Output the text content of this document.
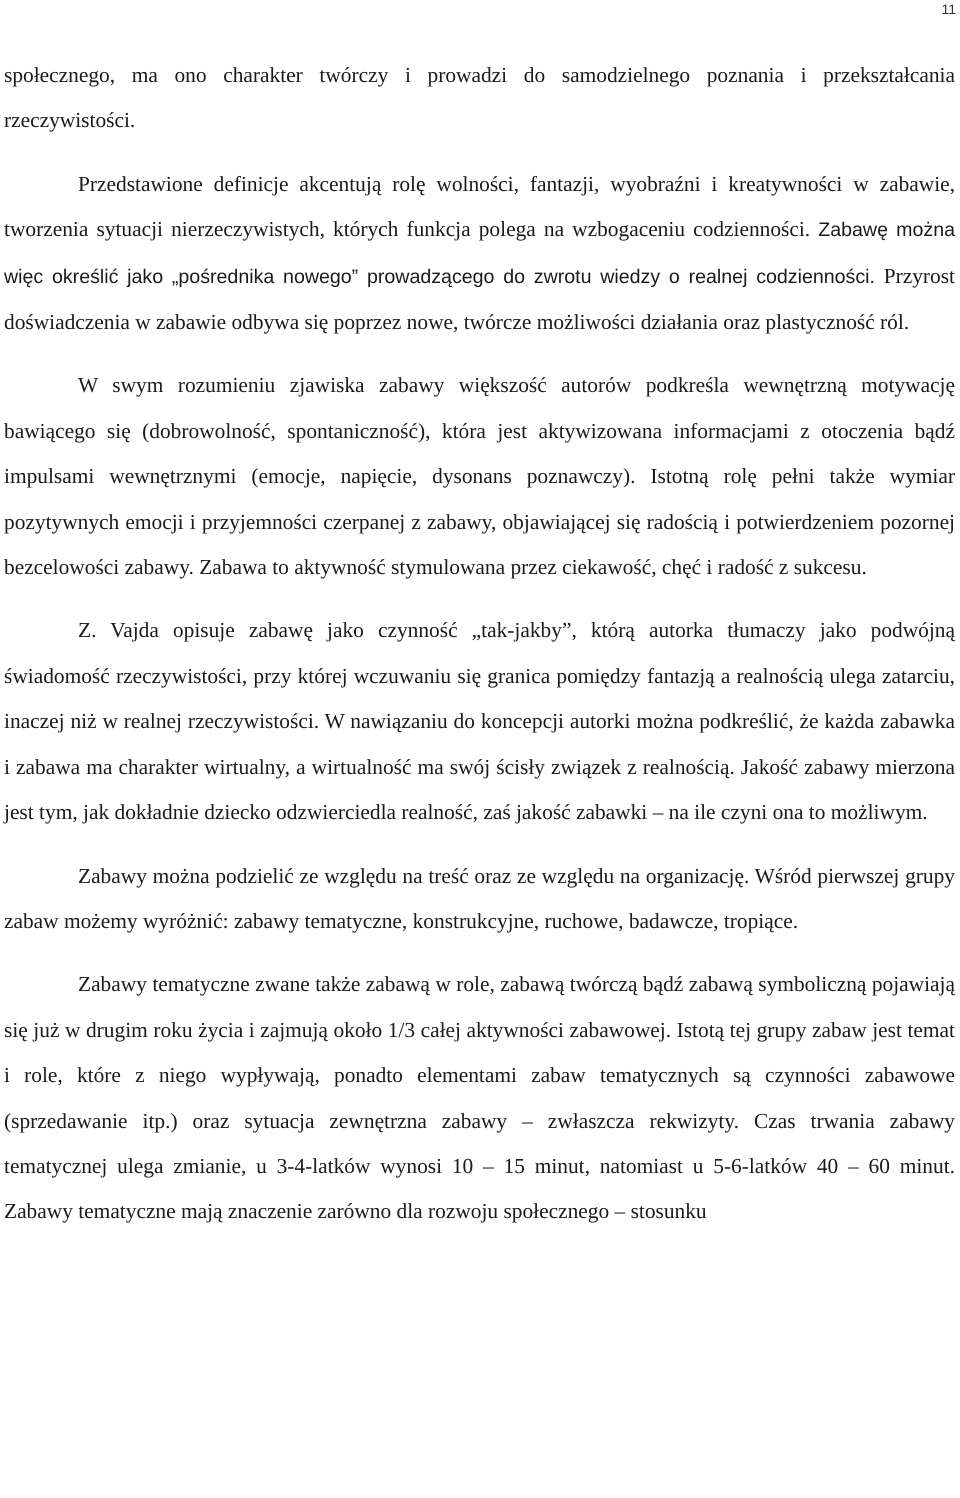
11

społecznego, ma ono charakter twórczy i prowadzi do samodzielnego poznania i przekształcania rzeczywistości.

Przedstawione definicje akcentują rolę wolności, fantazji, wyobraźni i kreatywności w zabawie, tworzenia sytuacji nierzeczywistych, których funkcja polega na wzbogaceniu codzienności. Zabawę można więc określić jako „pośrednika nowego” prowadzącego do zwrotu wiedzy o realnej codzienności. Przyrost doświadczenia w zabawie odbywa się poprzez nowe, twórcze możliwości działania oraz plastyczność ról.

W swym rozumieniu zjawiska zabawy większość autorów podkreśla wewnętrzną motywację bawiącego się (dobrowolność, spontaniczność), która jest aktywizowana informacjami z otoczenia bądź impulsami wewnętrznymi (emocje, napięcie, dysonans poznawczy). Istotną rolę pełni także wymiar pozytywnych emocji i przyjemności czerpanej z zabawy, objawiającej się radością i potwierdzeniem pozornej bezcelowości zabawy. Zabawa to aktywność stymulowana przez ciekawość, chęć i radość z sukcesu.

Z. Vajda opisuje zabawę jako czynność „tak-jakby”, którą autorka tłumaczy jako podwójną świadomość rzeczywistości, przy której wczuwaniu się granica pomiędzy fantazją a realnością ulega zatarciu, inaczej niż w realnej rzeczywistości. W nawiązaniu do koncepcji autorki można podkreślić, że każda zabawka i zabawa ma charakter wirtualny, a wirtualność ma swój ścisły związek z realnością. Jakość zabawy mierzona jest tym, jak dokładnie dziecko odzwierciedla realność, zaś jakość zabawki – na ile czyni ona to możliwym.

Zabawy można podzielić ze względu na treść oraz ze względu na organizację. Wśród pierwszej grupy zabaw możemy wyróżnić: zabawy tematyczne, konstrukcyjne, ruchowe, badawcze, tropiące.

Zabawy tematyczne zwane także zabawą w role, zabawą twórczą bądź zabawą symboliczną pojawiają się już w drugim roku życia i zajmują około 1/3 całej aktywności zabawowej. Istotą tej grupy zabaw jest temat i role, które z niego wypływają, ponadto elementami zabaw tematycznych są czynności zabawowe (sprzedawanie itp.) oraz sytuacja zewnętrzna zabawy – zwłaszcza rekwizyty. Czas trwania zabawy tematycznej ulega zmianie, u 3-4-latków wynosi 10 – 15 minut, natomiast u 5-6-latków 40 – 60 minut. Zabawy tematyczne mają znaczenie zarówno dla rozwoju społecznego – stosunku
